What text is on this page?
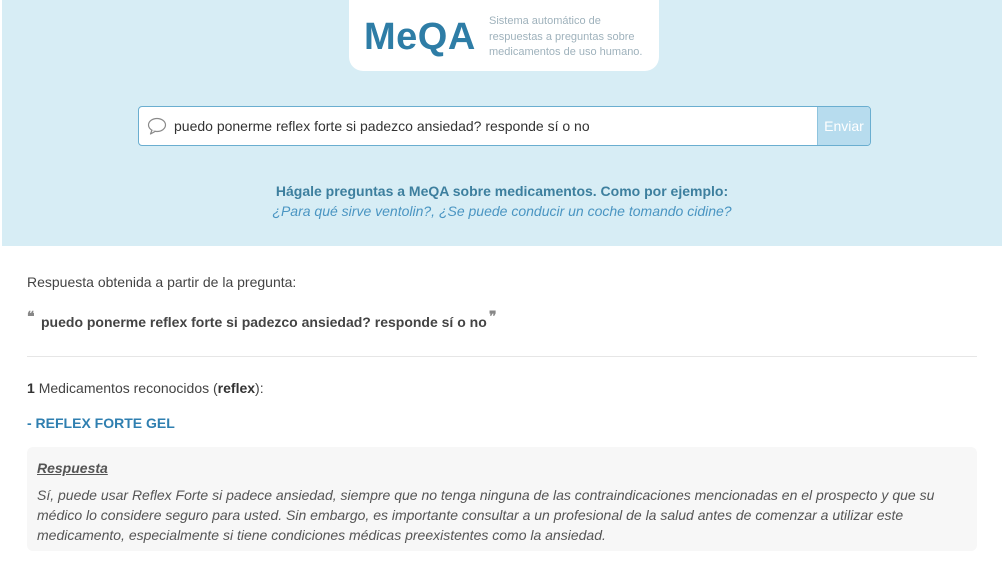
MeQA Sistema automático de respuestas a preguntas sobre medicamentos de uso humano.
puedo ponerme reflex forte si padezco ansiedad? responde sí o no
Enviar
Hágale preguntas a MeQA sobre medicamentos. Como por ejemplo:
¿Para qué sirve ventolin?, ¿Se puede conducir un coche tomando cidine?
Respuesta obtenida a partir de la pregunta:
❝ puedo ponerme reflex forte si padezco ansiedad? responde sí o no ❞
1 Medicamentos reconocidos (reflex):
- REFLEX FORTE GEL
Respuesta
Sí, puede usar Reflex Forte si padece ansiedad, siempre que no tenga ninguna de las contraindicaciones mencionadas en el prospecto y que su médico lo considere seguro para usted. Sin embargo, es importante consultar a un profesional de la salud antes de comenzar a utilizar este medicamento, especialmente si tiene condiciones médicas preexistentes como la ansiedad.
